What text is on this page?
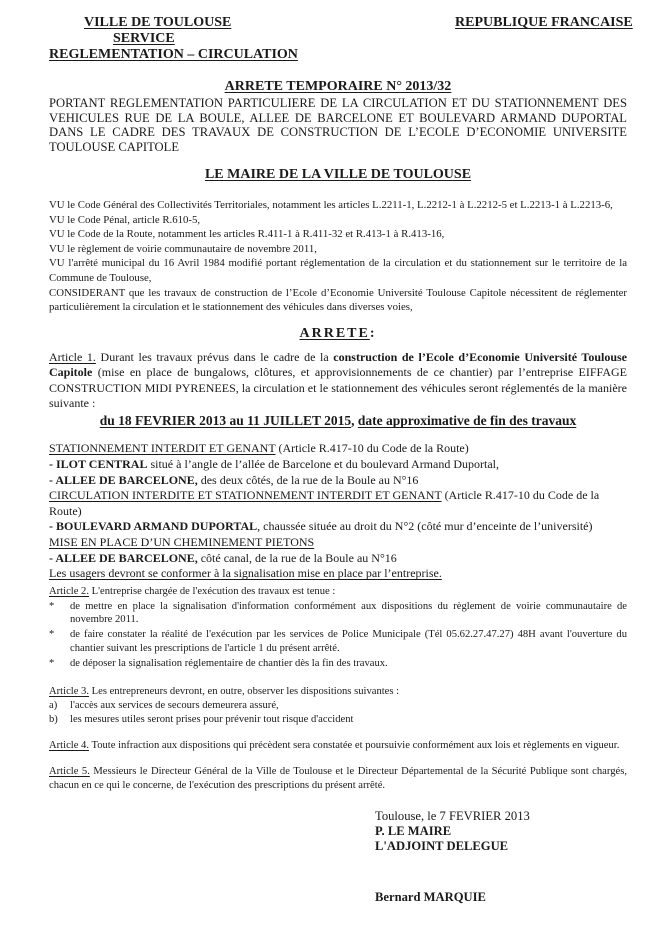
VILLE DE TOULOUSE
SERVICE
REGLEMENTATION – CIRCULATION
REPUBLIQUE FRANCAISE
ARRETE TEMPORAIRE N° 2013/32
PORTANT REGLEMENTATION PARTICULIERE DE LA CIRCULATION ET DU STATIONNEMENT DES VEHICULES RUE DE LA BOULE, ALLEE DE BARCELONE ET BOULEVARD ARMAND DUPORTAL DANS LE CADRE DES TRAVAUX DE CONSTRUCTION DE L’ECOLE D’ECONOMIE UNIVERSITE TOULOUSE CAPITOLE
LE MAIRE DE LA VILLE DE TOULOUSE

VU le Code Général des Collectivités Territoriales, notamment les articles L.2211-1, L.2212-1 à L.2212-5 et L.2213-1 à L.2213-6,

VU le Code Pénal, article R.610-5,

VU le Code de la Route, notamment les articles R.411-1 à R.411-32 et R.413-1 à R.413-16,

VU le règlement de voirie communautaire de novembre 2011,

VU l'arrêté municipal du 16 Avril 1984 modifié portant réglementation de la circulation et du stationnement sur le territoire de la Commune de Toulouse,

CONSIDERANT que les travaux de construction de l’Ecole d’Economie Université Toulouse Capitole nécessitent de réglementer particulièrement la circulation et le stationnement des véhicules dans diverses voies,

ARRETE:
Article 1. Durant les travaux prévus dans le cadre de la construction de l’Ecole d’Economie Université Toulouse Capitole (mise en place de bungalows, clôtures, et approvisionnements de ce chantier) par l’entreprise EIFFAGE CONSTRUCTION MIDI PYRENEES, la circulation et le stationnement des véhicules seront réglementés de la manière suivante :
du 18 FEVRIER 2013 au 11 JUILLET 2015, date approximative de fin des travaux

STATIONNEMENT INTERDIT ET GENANT (Article R.417-10 du Code de la Route)

- ILOT CENTRAL situé à l’angle de l’allée de Barcelone et du boulevard Armand Duportal,

- ALLEE DE BARCELONE, des deux côtés, de la rue de la Boule au N°16

CIRCULATION INTERDITE ET STATIONNEMENT INTERDIT ET GENANT (Article R.417-10 du Code de la Route)

- BOULEVARD ARMAND DUPORTAL, chaussée située au droit du N°2 (côté mur d’enceinte de l’université)

MISE EN PLACE D’UN CHEMINEMENT PIETONS

- ALLEE DE BARCELONE, côté canal, de la rue de la Boule au N°16

Les usagers devront se conformer à la signalisation mise en place par l’entreprise.

Article 2. L'entreprise chargée de l'exécution des travaux est tenue :

*	de mettre en place la signalisation d'information conformément aux dispositions du règlement de voirie communautaire de novembre 2011.
*	de faire constater la réalité de l'exécution par les services de Police Municipale (Tél 05.62.27.47.27) 48H avant l'ouverture du chantier suivant les prescriptions de l'article 1 du présent arrêté.
*	de déposer la signalisation réglementaire de chantier dès la fin des travaux.

Article 3. Les entrepreneurs devront, en outre, observer les dispositions suivantes :

a)	l'accès aux services de secours demeurera assuré,
b)	les mesures utiles seront prises pour prévenir tout risque d'accident
Article 4. Toute infraction aux dispositions qui précèdent sera constatée et poursuivie conformément aux lois et règlements en vigueur.
Article 5. Messieurs le Directeur Général de la Ville de Toulouse et le Directeur Départemental de la Sécurité Publique sont chargés, chacun en ce qui le concerne, de l'exécution des prescriptions du présent arrêté.

Toulouse, le 7 FEVRIER 2013

P. LE MAIRE

L'ADJOINT DELEGUE

Bernard MARQUIE
